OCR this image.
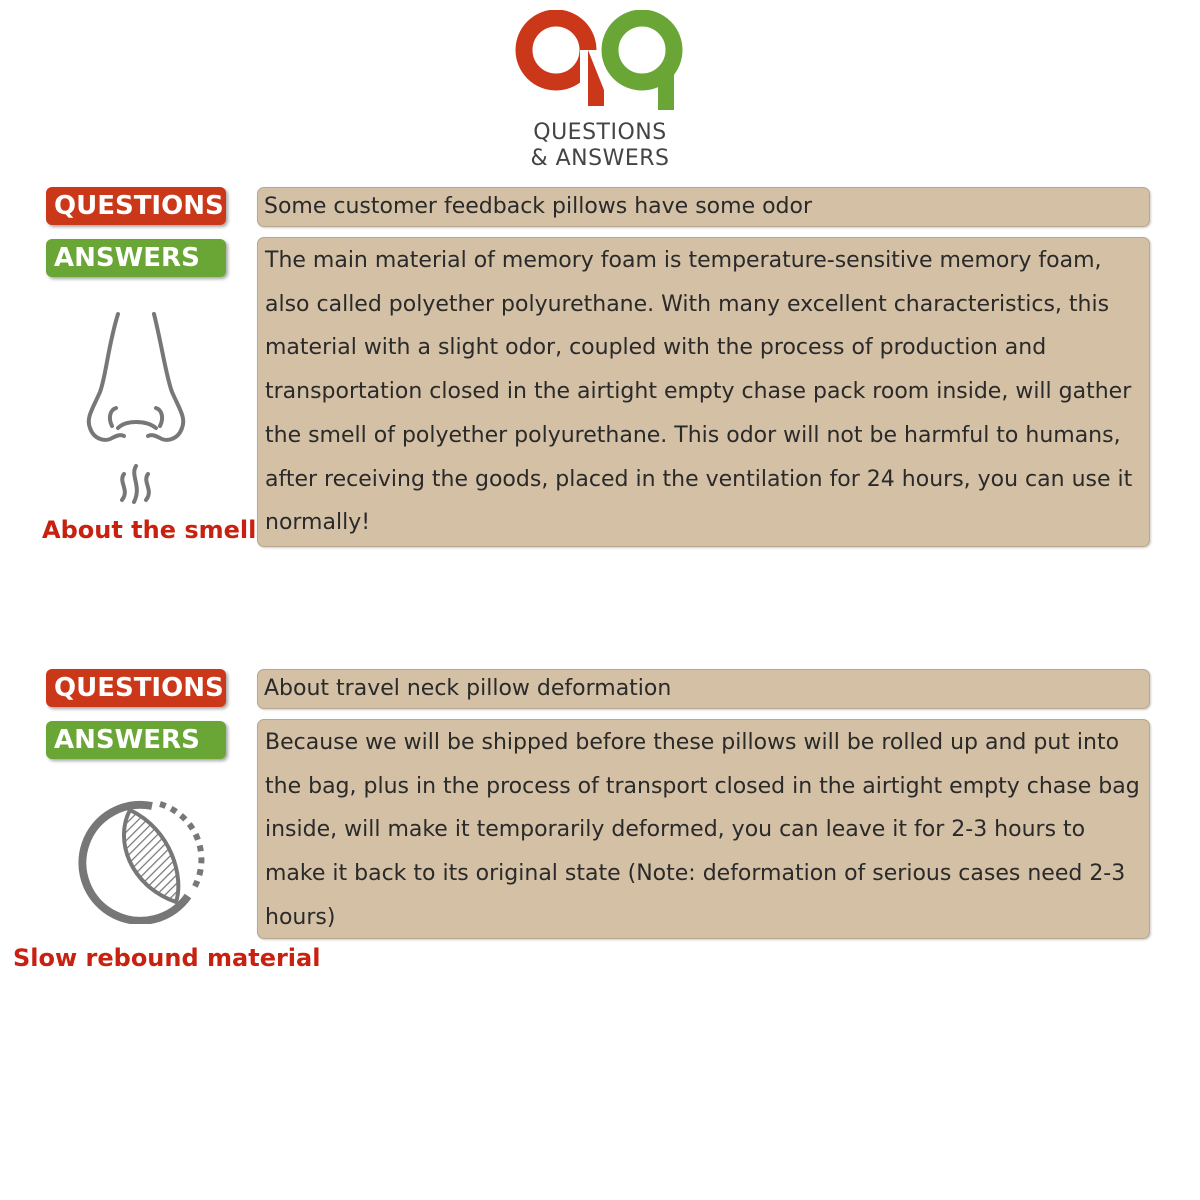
QUESTIONS
& ANSWERS
QUESTIONS	Some customer feedback pillows have some odor
ANSWERS	The main material of memory foam is temperature-sensitive memory foam, also called polyether polyurethane. With many excellent characteristics, this material with a slight odor, coupled with the process of production and transportation closed in the airtight empty chase pack room inside, will gather the smell of polyether polyurethane. This odor will not be harmful to humans, after receiving the goods, placed in the ventilation for 24 hours, you can use it normally!
About the smell
QUESTIONS	About travel neck pillow deformation
ANSWERS	Because we will be shipped before these pillows will be rolled up and put into the bag, plus in the process of transport closed in the airtight empty chase bag inside, will make it temporarily deformed, you can leave it for 2-3 hours to make it back to its original state (Note: deformation of serious cases need 2-3 hours)
Slow rebound material
